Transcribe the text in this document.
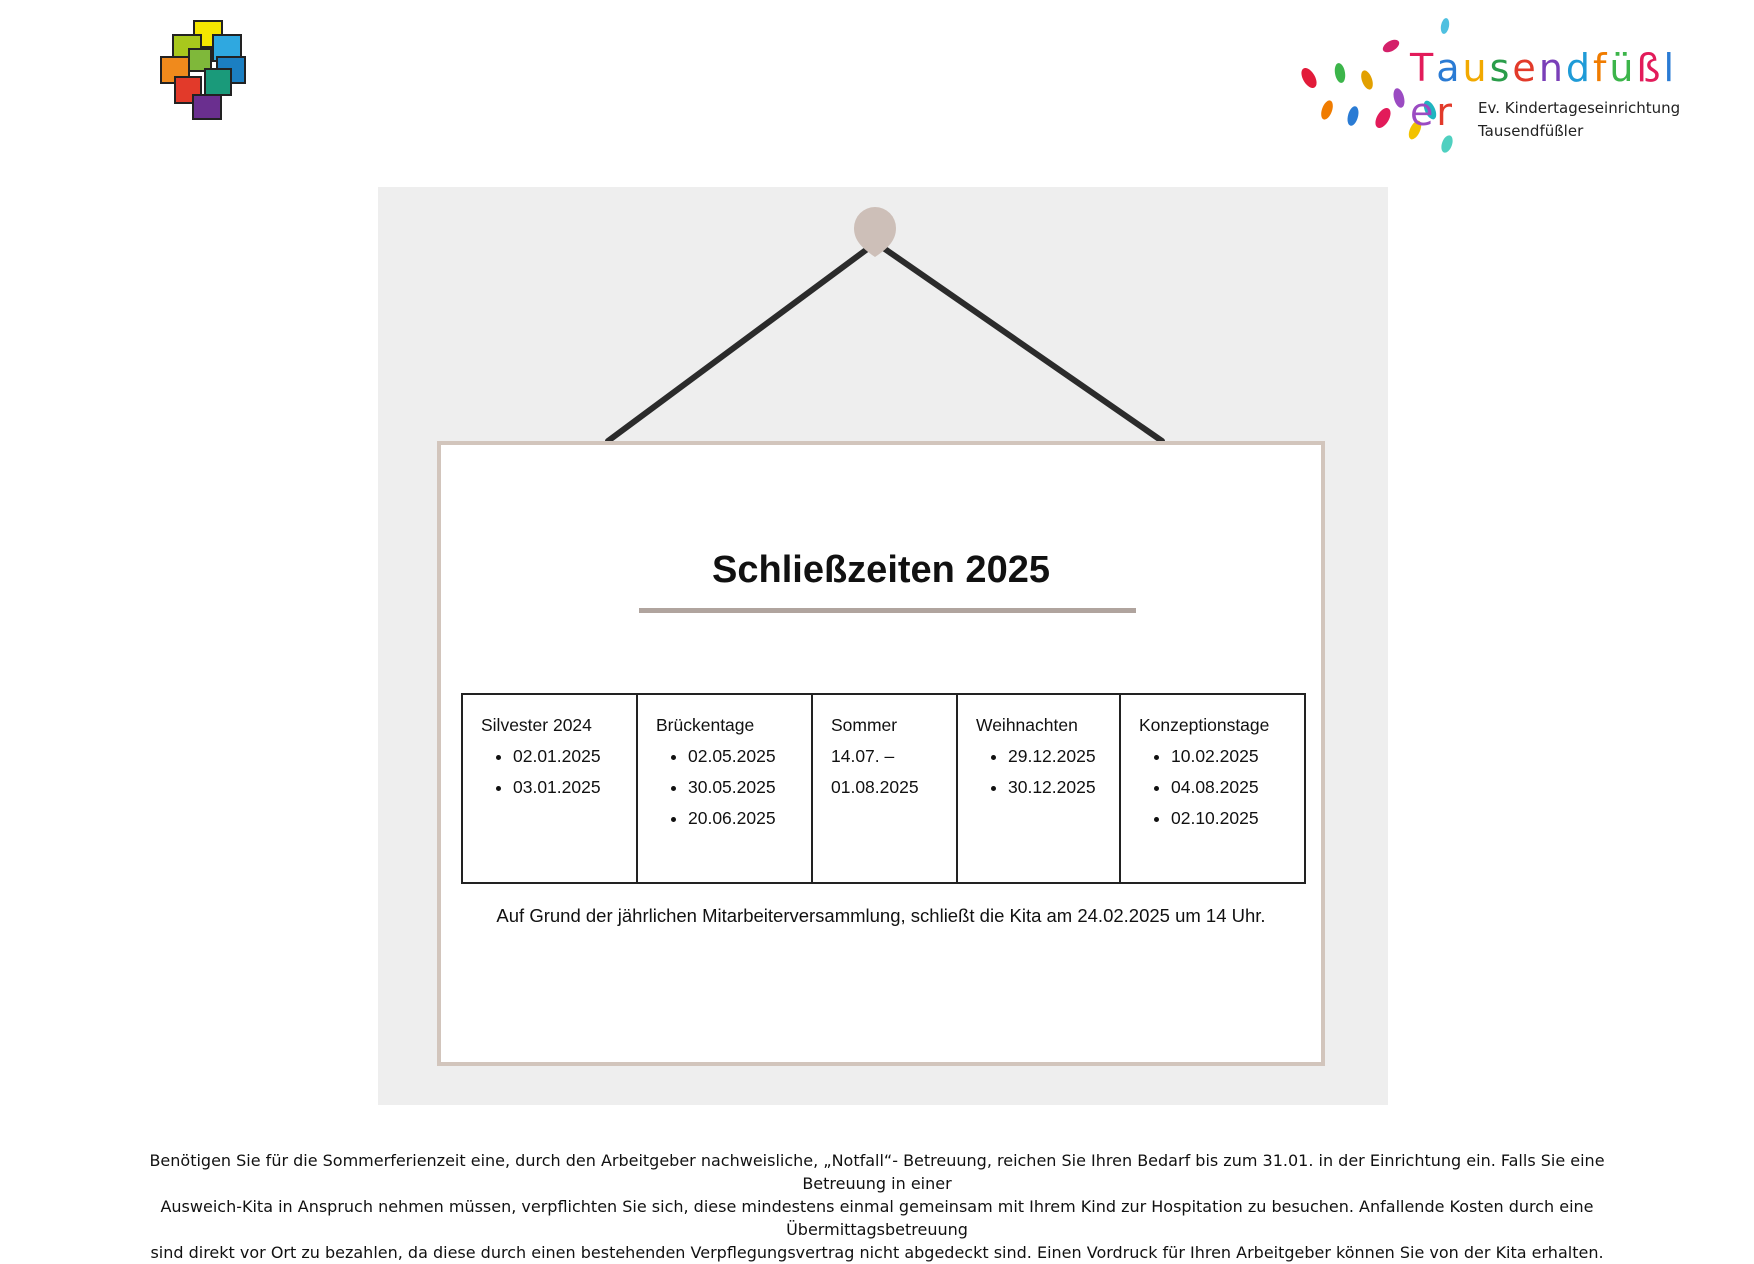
Tausendfüßler	Ev. Kindertageseinrichtung
Tausendfüßler
Schließzeiten 2025
Silvester 2024
• 02.01.2025
• 03.01.2025

Brückentage
• 02.05.2025
• 30.05.2025
• 20.06.2025

Sommer
14.07. –
01.08.2025

Weihnachten
• 29.12.2025
• 30.12.2025

Konzeptionstage
• 10.02.2025
• 04.08.2025
• 02.10.2025
Auf Grund der jährlichen Mitarbeiterversammlung, schließt die Kita am 24.02.2025 um 14 Uhr.
Benötigen Sie für die Sommerferienzeit eine, durch den Arbeitgeber nachweisliche, „Notfall“- Betreuung, reichen Sie Ihren Bedarf bis zum 31.01. in der Einrichtung ein. Falls Sie eine Betreuung in einer
Ausweich-Kita in Anspruch nehmen müssen, verpflichten Sie sich, diese mindestens einmal gemeinsam mit Ihrem Kind zur Hospitation zu besuchen. Anfallende Kosten durch eine Übermittagsbetreuung
sind direkt vor Ort zu bezahlen, da diese durch einen bestehenden Verpflegungsvertrag nicht abgedeckt sind. Einen Vordruck für Ihren Arbeitgeber können Sie von der Kita erhalten.
